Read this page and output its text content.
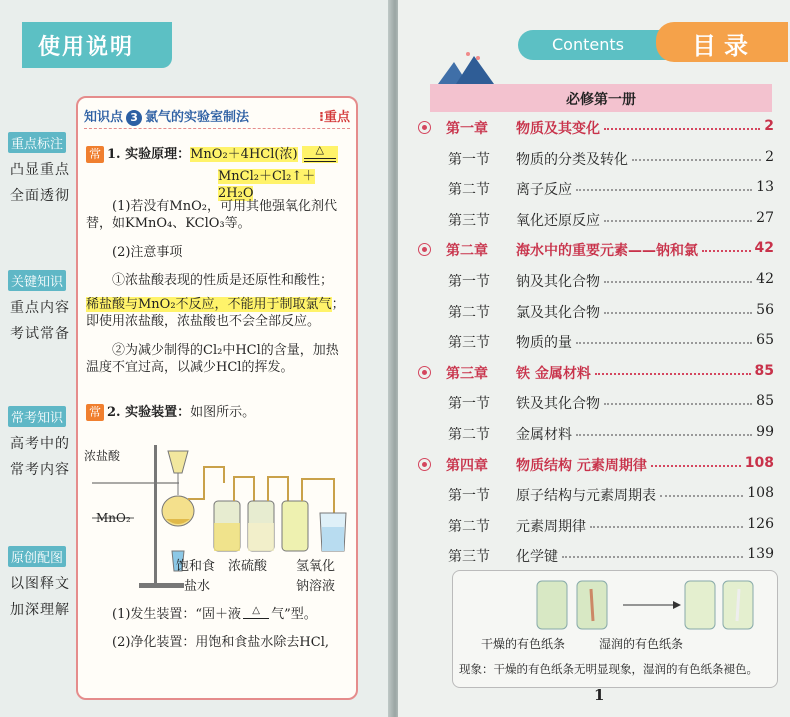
使用说明
重点标注
凸显重点
全面透彻
关键知识
重点内容
考试常备
常考知识
高考中的
常考内容
原创配图
以图释文
加深理解
知识点 3 氯气的实验室制法	⁝重点
常 1. 实验原理：MnO₂＋4HCl(浓) △
MnCl₂＋Cl₂↑＋2H₂O
(1)若没有MnO₂，可用其他强氧化剂代替，如KMnO₄、KClO₃等。
(2)注意事项
①浓盐酸表现的性质是还原性和酸性；
稀盐酸与MnO₂不反应，不能用于制取氯气；即使用浓盐酸，浓盐酸也不会全部反应。
②为减少制得的Cl₂中HCl的含量，加热温度不宜过高，以减少HCl的挥发。
常 2. 实验装置：如图所示。
浓盐酸
MnO₂
饱和食
盐水
浓硫酸 氢氧化
钠溶液
(1)发生装置：“固＋液 △ 气”型。
(2)净化装置：用饱和食盐水除去HCl,
Contents	目录
必修第一册
第一章 物质及其变化	2
第一节 物质的分类及转化	2
第二节 离子反应	13
第三节 氧化还原反应	27
第二章 海水中的重要元素——钠和氯	42
第一节 钠及其化合物	42
第二节 氯及其化合物	56
第三节 物质的量	65
第三章 铁 金属材料	85
第一节 铁及其化合物	85
第二节 金属材料	99
第四章 物质结构 元素周期律	108
第一节 原子结构与元素周期表	108
第二节 元素周期律	126
第三节 化学键	139
干燥的有色纸条	湿润的有色纸条
现象：干燥的有色纸条无明显现象，湿润的有色纸条褪色。
1
